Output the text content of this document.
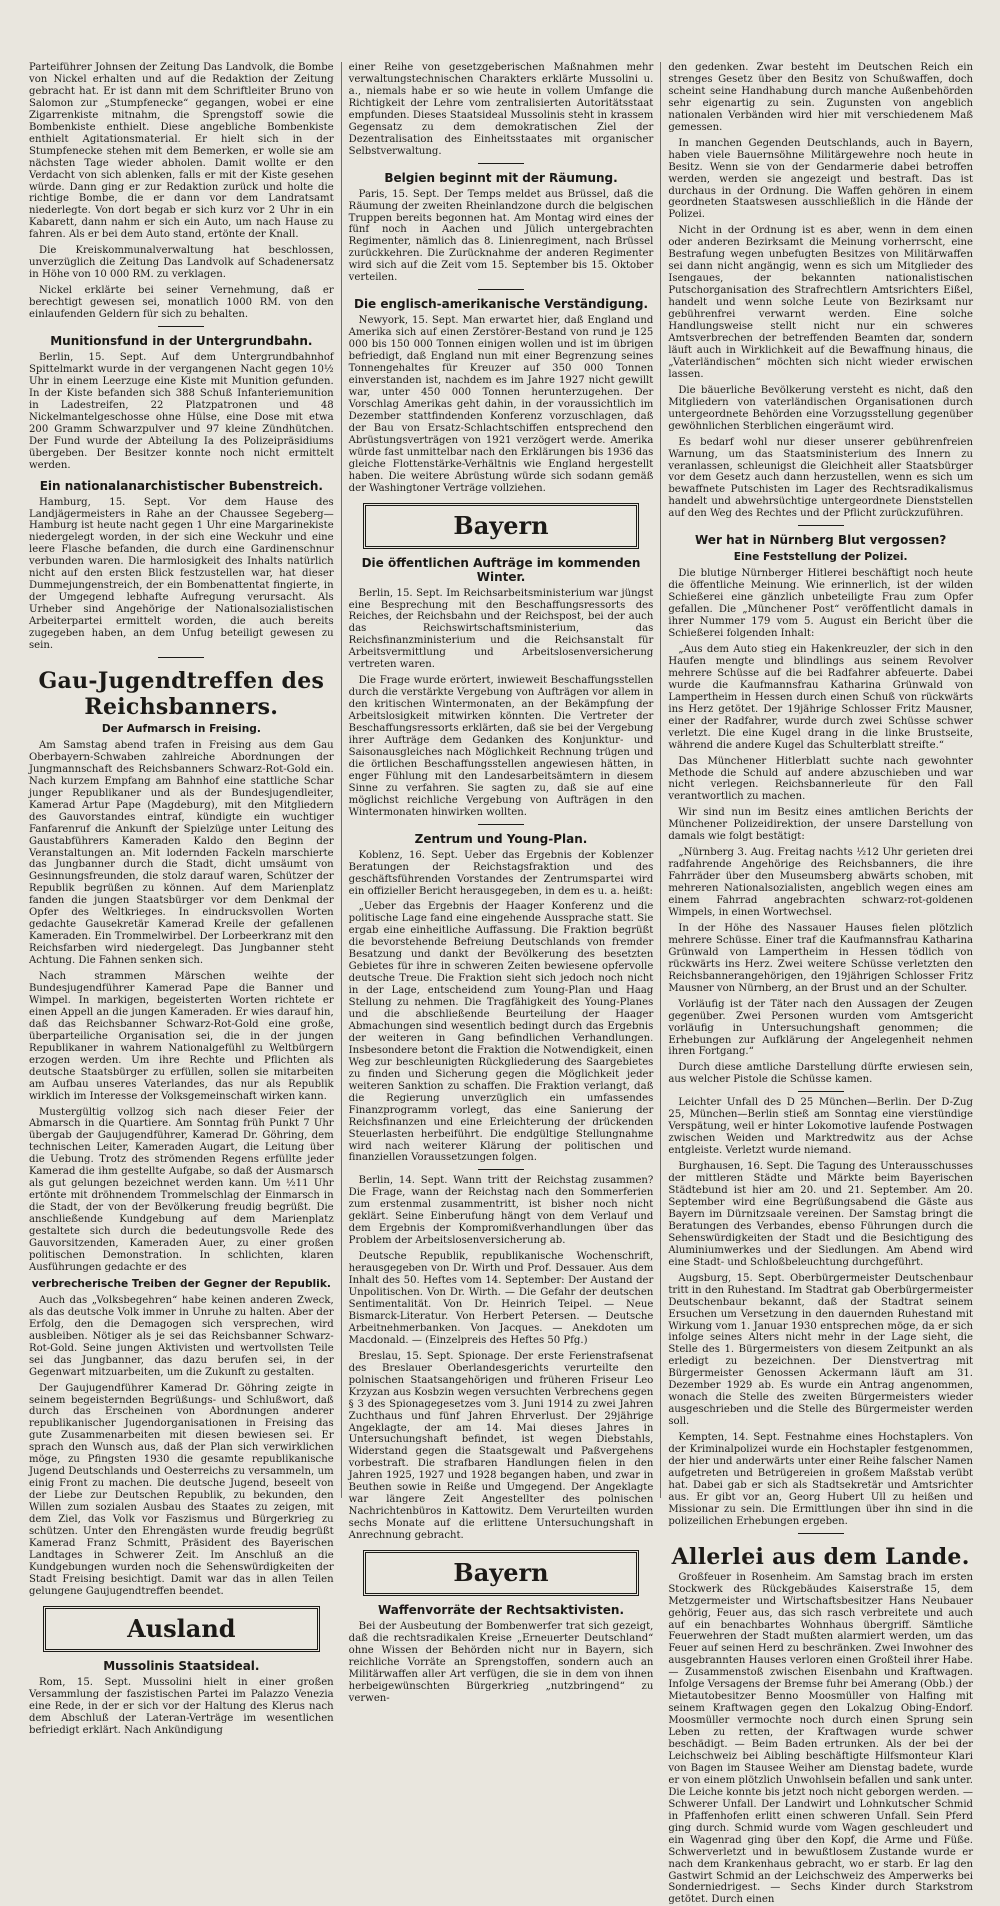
Parteiführer Johnsen der Zeitung Das Landvolk, die Bombe von Nickel erhalten und auf die Redaktion der Zeitung gebracht hat. Er ist dann mit dem Schriftleiter Bruno von Salomon zur „Stumpfenecke“ gegangen, wobei er eine Zigarrenkiste mitnahm, die Sprengstoff sowie die Bombenkiste enthielt. Diese angebliche Bombenkiste enthielt Agitationsmaterial. Er hielt sich in der Stumpfenecke stehen mit dem Bemerken, er wolle sie am nächsten Tage wieder abholen. Damit wollte er den Verdacht von sich ablenken, falls er mit der Kiste gesehen würde. Dann ging er zur Redaktion zurück und holte die richtige Bombe, die er dann vor dem Landratsamt niederlegte. Von dort begab er sich kurz vor 2 Uhr in ein Kabarett, dann nahm er sich ein Auto, um nach Hause zu fahren. Als er bei dem Auto stand, ertönte der Knall.

Die Kreiskommunalverwaltung hat beschlossen, unverzüglich die Zeitung Das Landvolk auf Schadenersatz in Höhe von 10 000 RM. zu verklagen.

Nickel erklärte bei seiner Vernehmung, daß er berechtigt gewesen sei, monatlich 1000 RM. von den einlaufenden Geldern für sich zu behalten.

Munitionsfund in der Untergrundbahn.

Berlin, 15. Sept. Auf dem Untergrundbahnhof Spittelmarkt wurde in der vergangenen Nacht gegen 10½ Uhr in einem Leerzuge eine Kiste mit Munition gefunden. In der Kiste befanden sich 388 Schuß Infanteriemunition in Ladestreifen, 22 Platzpatronen und 48 Nickelmantelgeschosse ohne Hülse, eine Dose mit etwa 200 Gramm Schwarzpulver und 97 kleine Zündhütchen. Der Fund wurde der Abteilung Ia des Polizeipräsidiums übergeben. Der Besitzer konnte noch nicht ermittelt werden.

Ein nationalanarchistischer Bubenstreich.

Hamburg, 15. Sept. Vor dem Hause des Landjägermeisters in Rahe an der Chaussee Segeberg—Hamburg ist heute nacht gegen 1 Uhr eine Margarinekiste niedergelegt worden, in der sich eine Weckuhr und eine leere Flasche befanden, die durch eine Gardinenschnur verbunden waren. Die harmlosigkeit des Inhalts natürlich nicht auf den ersten Blick festzustellen war, hat dieser Dummejungenstreich, der ein Bombenattentat fingierte, in der Umgegend lebhafte Aufregung verursacht. Als Urheber sind Angehörige der Nationalsozialistischen Arbeiterpartei ermittelt worden, die auch bereits zugegeben haben, an dem Unfug beteiligt gewesen zu sein.

Gau-Jugendtreffen des Reichsbanners.
Der Aufmarsch in Freising.

Am Samstag abend trafen in Freising aus dem Gau Oberbayern-Schwaben zahlreiche Abordnungen der Jungmannschaft des Reichsbanners Schwarz-Rot-Gold ein. Nach kurzem Empfang am Bahnhof eine stattliche Schar junger Republikaner und als der Bundesjugendleiter, Kamerad Artur Pape (Magdeburg), mit den Mitgliedern des Gauvorstandes eintraf, kündigte ein wuchtiger Fanfarenruf die Ankunft der Spielzüge unter Leitung des Gaustabführers Kameraden Kaldo den Beginn der Veranstaltungen an. Mit lodernden Fackeln marschierte das Jungbanner durch die Stadt, dicht umsäumt von Gesinnungsfreunden, die stolz darauf waren, Schützer der Republik begrüßen zu können. Auf dem Marienplatz fanden die jungen Staatsbürger vor dem Denkmal der Opfer des Weltkrieges. In eindrucksvollen Worten gedachte Gausekretär Kamerad Kreile der gefallenen Kameraden. Ein Trommelwirbel. Der Lorbeerkranz mit den Reichsfarben wird niedergelegt. Das Jungbanner steht Achtung. Die Fahnen senken sich.

Nach strammen Märschen weihte der Bundesjugendführer Kamerad Pape die Banner und Wimpel. In markigen, begeisterten Worten richtete er einen Appell an die jungen Kameraden. Er wies darauf hin, daß das Reichsbanner Schwarz-Rot-Gold eine große, überparteiliche Organisation sei, die in der jungen Republikaner in wahrem Nationalgefühl zu Weltbürgern erzogen werden. Um ihre Rechte und Pflichten als deutsche Staatsbürger zu erfüllen, sollen sie mitarbeiten am Aufbau unseres Vaterlandes, das nur als Republik wirklich im Interesse der Volksgemeinschaft wirken kann.

Mustergültig vollzog sich nach dieser Feier der Abmarsch in die Quartiere. Am Sonntag früh Punkt 7 Uhr übergab der Gaujugendführer, Kamerad Dr. Göhring, dem technischen Leiter, Kameraden Augart, die Leitung über die Uebung. Trotz des strömenden Regens erfüllte jeder Kamerad die ihm gestellte Aufgabe, so daß der Ausmarsch als gut gelungen bezeichnet werden kann. Um ½11 Uhr ertönte mit dröhnendem Trommelschlag der Einmarsch in die Stadt, der von der Bevölkerung freudig begrüßt. Die anschließende Kundgebung auf dem Marienplatz gestaltete sich durch die bedeutungsvolle Rede des Gauvorsitzenden, Kameraden Auer, zu einer großen politischen Demonstration. In schlichten, klaren Ausführungen gedachte er des

verbrecherische Treiben der Gegner der Republik.

Auch das „Volksbegehren“ habe keinen anderen Zweck, als das deutsche Volk immer in Unruhe zu halten. Aber der Erfolg, den die Demagogen sich versprechen, wird ausbleiben. Nötiger als je sei das Reichsbanner Schwarz-Rot-Gold. Seine jungen Aktivisten und wertvollsten Teile sei das Jungbanner, das dazu berufen sei, in der Gegenwart mitzuarbeiten, um die Zukunft zu gestalten.

Der Gaujugendführer Kamerad Dr. Göhring zeigte in seinem begeisternden Begrüßungs- und Schlußwort, daß durch das Erscheinen von Abordnungen anderer republikanischer Jugendorganisationen in Freising das gute Zusammenarbeiten mit diesen bewiesen sei. Er sprach den Wunsch aus, daß der Plan sich verwirklichen möge, zu Pfingsten 1930 die gesamte republikanische Jugend Deutschlands und Oesterreichs zu versammeln, um einig Front zu machen. Die deutsche Jugend, beseelt von der Liebe zur Deutschen Republik, zu bekunden, den Willen zum sozialen Ausbau des Staates zu zeigen, mit dem Ziel, das Volk vor Faszismus und Bürgerkrieg zu schützen. Unter den Ehrengästen wurde freudig begrüßt Kamerad Franz Schmitt, Präsident des Bayerischen Landtages in Schwerer Zeit. Im Anschluß an die Kundgebungen wurden noch die Sehenswürdigkeiten der Stadt Freising besichtigt. Damit war das in allen Teilen gelungene Gaujugendtreffen beendet.

Ausland
Mussolinis Staatsideal.

Rom, 15. Sept. Mussolini hielt in einer großen Versammlung der faszistischen Partei im Palazzo Venezia eine Rede, in der er sich vor der Haltung des Klerus nach dem Abschluß der Lateran-Verträge im wesentlichen befriedigt erklärt. Nach Ankündigung

einer Reihe von gesetzgeberischen Maßnahmen mehr verwaltungstechnischen Charakters erklärte Mussolini u. a., niemals habe er so wie heute in vollem Umfange die Richtigkeit der Lehre vom zentralisierten Autoritätsstaat empfunden. Dieses Staatsideal Mussolinis steht in krassem Gegensatz zu dem demokratischen Ziel der Dezentralisation des Einheitsstaates mit organischer Selbstverwaltung.

Belgien beginnt mit der Räumung.

Paris, 15. Sept. Der Temps meldet aus Brüssel, daß die Räumung der zweiten Rheinlandzone durch die belgischen Truppen bereits begonnen hat. Am Montag wird eines der fünf noch in Aachen und Jülich untergebrachten Regimenter, nämlich das 8. Linienregiment, nach Brüssel zurückkehren. Die Zurücknahme der anderen Regimenter wird sich auf die Zeit vom 15. September bis 15. Oktober verteilen.

Die englisch-amerikanische Verständigung.

Newyork, 15. Sept. Man erwartet hier, daß England und Amerika sich auf einen Zerstörer-Bestand von rund je 125 000 bis 150 000 Tonnen einigen wollen und ist im übrigen befriedigt, daß England nun mit einer Begrenzung seines Tonnengehaltes für Kreuzer auf 350 000 Tonnen einverstanden ist, nachdem es im Jahre 1927 nicht gewillt war, unter 450 000 Tonnen herunterzugehen. Der Vorschlag Amerikas geht dahin, in der voraussichtlich im Dezember stattfindenden Konferenz vorzuschlagen, daß der Bau von Ersatz-Schlachtschiffen entsprechend den Abrüstungsverträgen von 1921 verzögert werde. Amerika würde fast unmittelbar nach den Erklärungen bis 1936 das gleiche Flottenstärke-Verhältnis wie England hergestellt haben. Die weitere Abrüstung würde sich sodann gemäß der Washingtoner Verträge vollziehen.

Bayern
Die öffentlichen Aufträge im kommenden Winter.

Berlin, 15. Sept. Im Reichsarbeitsministerium war jüngst eine Besprechung mit den Beschaffungsressorts des Reiches, der Reichsbahn und der Reichspost, bei der auch das Reichswirtschaftsministerium, das Reichsfinanzministerium und die Reichsanstalt für Arbeitsvermittlung und Arbeitslosenversicherung vertreten waren.

Die Frage wurde erörtert, inwieweit Beschaffungsstellen durch die verstärkte Vergebung von Aufträgen vor allem in den kritischen Wintermonaten, an der Bekämpfung der Arbeitslosigkeit mitwirken könnten. Die Vertreter der Beschaffungsressorts erklärten, daß sie bei der Vergebung ihrer Aufträge dem Gedanken des Konjunktur- und Saisonausgleiches nach Möglichkeit Rechnung trügen und die örtlichen Beschaffungsstellen angewiesen hätten, in enger Fühlung mit den Landesarbeitsämtern in diesem Sinne zu verfahren. Sie sagten zu, daß sie auf eine möglichst reichliche Vergebung von Aufträgen in den Wintermonaten hinwirken wollten.

Zentrum und Young-Plan.

Koblenz, 16. Sept. Ueber das Ergebnis der Koblenzer Beratungen der Reichstagsfraktion und des geschäftsführenden Vorstandes der Zentrumspartei wird ein offizieller Bericht herausgegeben, in dem es u. a. heißt:

„Ueber das Ergebnis der Haager Konferenz und die politische Lage fand eine eingehende Aussprache statt. Sie ergab eine einheitliche Auffassung. Die Fraktion begrüßt die bevorstehende Befreiung Deutschlands von fremder Besatzung und dankt der Bevölkerung des besetzten Gebietes für ihre in schweren Zeiten bewiesene opfervolle deutsche Treue. Die Fraktion sieht sich jedoch noch nicht in der Lage, entscheidend zum Young-Plan und Haag Stellung zu nehmen. Die Tragfähigkeit des Young-Planes und die abschließende Beurteilung der Haager Abmachungen sind wesentlich bedingt durch das Ergebnis der weiteren in Gang befindlichen Verhandlungen. Insbesondere betont die Fraktion die Notwendigkeit, einen Weg zur beschleunigten Rückgliederung des Saargebietes zu finden und Sicherung gegen die Möglichkeit jeder weiteren Sanktion zu schaffen. Die Fraktion verlangt, daß die Regierung unverzüglich ein umfassendes Finanzprogramm vorlegt, das eine Sanierung der Reichsfinanzen und eine Erleichterung der drückenden Steuerlasten herbeiführt. Die endgültige Stellungnahme wird nach weiterer Klärung der politischen und finanziellen Voraussetzungen folgen.

Berlin, 14. Sept. Wann tritt der Reichstag zusammen? Die Frage, wann der Reichstag nach den Sommerferien zum erstenmal zusammentritt, ist bisher noch nicht geklärt. Seine Einberufung hängt von dem Verlauf und dem Ergebnis der Kompromißverhandlungen über das Problem der Arbeitslosenversicherung ab.

Deutsche Republik, republikanische Wochenschrift, herausgegeben von Dr. Wirth und Prof. Dessauer. Aus dem Inhalt des 50. Heftes vom 14. September: Der Austand der Unpolitischen. Von Dr. Wirth. — Die Gefahr der deutschen Sentimentalität. Von Dr. Heinrich Teipel. — Neue Bismarck-Literatur. Von Herbert Petersen. — Deutsche Arbeitnehmerbanken. Von Jacques. — Anekdoten um Macdonald. — (Einzelpreis des Heftes 50 Pfg.)

Breslau, 15. Sept. Spionage. Der erste Ferienstrafsenat des Breslauer Oberlandesgerichts verurteilte den polnischen Staatsangehörigen und früheren Friseur Leo Krzyzan aus Kosbzin wegen versuchten Verbrechens gegen § 3 des Spionagegesetzes vom 3. Juni 1914 zu zwei Jahren Zuchthaus und fünf Jahren Ehrverlust. Der 29jährige Angeklagte, der am 14. Mai dieses Jahres in Untersuchungshaft befindet, ist wegen Diebstahls, Widerstand gegen die Staatsgewalt und Paßvergehens vorbestraft. Die strafbaren Handlungen fielen in den Jahren 1925, 1927 und 1928 begangen haben, und zwar in Beuthen sowie in Reiße und Umgegend. Der Angeklagte war längere Zeit Angestellter des polnischen Nachrichtenbüros in Kattowitz. Dem Verurteilten wurden sechs Monate auf die erlittene Untersuchungshaft in Anrechnung gebracht.

Bayern
Waffenvorräte der Rechtsaktivisten.

Bei der Ausbeutung der Bombenwerfer trat sich gezeigt, daß die rechtsradikalen Kreise „Erneuerter Deutschland“ ohne Wissen der Behörden nicht nur in Bayern, sich reichliche Vorräte an Sprengstoffen, sondern auch an Militärwaffen aller Art verfügen, die sie in dem von ihnen herbeigewünschten Bürgerkrieg „nutzbringend“ zu verwen-

den gedenken. Zwar besteht im Deutschen Reich ein strenges Gesetz über den Besitz von Schußwaffen, doch scheint seine Handhabung durch manche Außenbehörden sehr eigenartig zu sein. Zugunsten von angeblich nationalen Verbänden wird hier mit verschiedenem Maß gemessen.

In manchen Gegenden Deutschlands, auch in Bayern, haben viele Bauernsöhne Militärgewehre noch heute in Besitz. Wenn sie von der Gendarmerie dabei betroffen werden, werden sie angezeigt und bestraft. Das ist durchaus in der Ordnung. Die Waffen gehören in einem geordneten Staatswesen ausschließlich in die Hände der Polizei.

Nicht in der Ordnung ist es aber, wenn in dem einen oder anderen Bezirksamt die Meinung vorherrscht, eine Bestrafung wegen unbefugten Besitzes von Militärwaffen sei dann nicht angängig, wenn es sich um Mitglieder des Isengaues, der bekannten nationalistischen Putschorganisation des Strafrechtlern Amtsrichters Eißel, handelt und wenn solche Leute von Bezirksamt nur gebührenfrei verwarnt werden. Eine solche Handlungsweise stellt nicht nur ein schweres Amtsverbrechen der betreffenden Beamten dar, sondern läuft auch in Wirklichkeit auf die Bewaffnung hinaus, die „Vaterländischen“ möchten sich nicht wieder erwischen lassen.

Die bäuerliche Bevölkerung versteht es nicht, daß den Mitgliedern von vaterländischen Organisationen durch untergeordnete Behörden eine Vorzugsstellung gegenüber gewöhnlichen Sterblichen eingeräumt wird.

Es bedarf wohl nur dieser unserer gebührenfreien Warnung, um das Staatsministerium des Innern zu veranlassen, schleunigst die Gleichheit aller Staatsbürger vor dem Gesetz auch dann herzustellen, wenn es sich um bewaffnete Putschisten im Lager des Rechtsradikalismus handelt und abwehrsüchtige untergeordnete Dienststellen auf den Weg des Rechtes und der Pflicht zurückzuführen.

Wer hat in Nürnberg Blut vergossen?
Eine Feststellung der Polizei.

Die blutige Nürnberger Hitlerei beschäftigt noch heute die öffentliche Meinung. Wie erinnerlich, ist der wilden Schießerei eine gänzlich unbeteiligte Frau zum Opfer gefallen. Die „Münchener Post“ veröffentlicht damals in ihrer Nummer 179 vom 5. August ein Bericht über die Schießerei folgenden Inhalt:

„Aus dem Auto stieg ein Hakenkreuzler, der sich in den Haufen mengte und blindlings aus seinem Revolver mehrere Schüsse auf die bei Radfahrer abfeuerte. Dabei wurde die Kaufmannsfrau Katharina Grünwald von Lampertheim in Hessen durch einen Schuß von rückwärts ins Herz getötet. Der 19jährige Schlosser Fritz Mausner, einer der Radfahrer, wurde durch zwei Schüsse schwer verletzt. Die eine Kugel drang in die linke Brustseite, während die andere Kugel das Schulterblatt streifte.“

Das Münchener Hitlerblatt suchte nach gewohnter Methode die Schuld auf andere abzuschieben und war nicht verlegen. Reichsbannerleute für den Fall verantwortlich zu machen.

Wir sind nun im Besitz eines amtlichen Berichts der Münchener Polizeidirektion, der unsere Darstellung von damals wie folgt bestätigt:

„Nürnberg 3. Aug. Freitag nachts ½12 Uhr gerieten drei radfahrende Angehörige des Reichsbanners, die ihre Fahrräder über den Museumsberg abwärts schoben, mit mehreren Nationalsozialisten, angeblich wegen eines am einem Fahrrad angebrachten schwarz-rot-goldenen Wimpels, in einen Wortwechsel.

In der Höhe des Nassauer Hauses fielen plötzlich mehrere Schüsse. Einer traf die Kaufmannsfrau Katharina Grünwald von Lampertheim in Hessen tödlich von rückwärts ins Herz. Zwei weitere Schüsse verletzten den Reichsbannerangehörigen, den 19jährigen Schlosser Fritz Mausner von Nürnberg, an der Brust und an der Schulter.

Vorläufig ist der Täter nach den Aussagen der Zeugen gegenüber. Zwei Personen wurden vom Amtsgericht vorläufig in Untersuchungshaft genommen; die Erhebungen zur Aufklärung der Angelegenheit nehmen ihren Fortgang.“

Durch diese amtliche Darstellung dürfte erwiesen sein, aus welcher Pistole die Schüsse kamen.

Leichter Unfall des D 25 München—Berlin. Der D-Zug 25, München—Berlin stieß am Sonntag eine vierstündige Verspätung, weil er hinter Lokomotive laufende Postwagen zwischen Weiden und Marktredwitz aus der Achse entgleiste. Verletzt wurde niemand.

Burghausen, 16. Sept. Die Tagung des Unterausschusses der mittleren Städte und Märkte beim Bayerischen Städtebund ist hier am 20. und 21. September. Am 20. September wird eine Begrüßungsabend die Gäste aus Bayern im Dürnitzsaale vereinen. Der Samstag bringt die Beratungen des Verbandes, ebenso Führungen durch die Sehenswürdigkeiten der Stadt und die Besichtigung des Aluminiumwerkes und der Siedlungen. Am Abend wird eine Stadt- und Schloßbeleuchtung durchgeführt.

Augsburg, 15. Sept. Oberbürgermeister Deutschenbaur tritt in den Ruhestand. Im Stadtrat gab Oberbürgermeister Deutschenbaur bekannt, daß der Stadtrat seinem Ersuchen um Versetzung in den dauernden Ruhestand mit Wirkung vom 1. Januar 1930 entsprechen möge, da er sich infolge seines Alters nicht mehr in der Lage sieht, die Stelle des 1. Bürgermeisters von diesem Zeitpunkt an als erledigt zu bezeichnen. Der Dienstvertrag mit Bürgermeister Genossen Ackermann läuft am 31. Dezember 1929 ab. Es wurde ein Antrag angenommen, wonach die Stelle des zweiten Bürgermeisters wieder ausgeschrieben und die Stelle des Bürgermeister werden soll.

Kempten, 14. Sept. Festnahme eines Hochstaplers. Von der Kriminalpolizei wurde ein Hochstapler festgenommen, der hier und anderwärts unter einer Reihe falscher Namen aufgetreten und Betrügereien in großem Maßstab verübt hat. Dabei gab er sich als Stadtsekretär und Amtsrichter aus. Er gibt vor an, Georg Hubert Ull zu heißen und Missionar zu sein. Die Ermittlungen über ihn sind in die polizeilichen Erhebungen ergeben.

Allerlei aus dem Lande.

Großfeuer in Rosenheim. Am Samstag brach im ersten Stockwerk des Rückgebäudes Kaiserstraße 15, dem Metzgermeister und Wirtschaftsbesitzer Hans Neubauer gehörig, Feuer aus, das sich rasch verbreitete und auch auf ein benachbartes Wohnhaus übergriff. Sämtliche Feuerwehren der Stadt mußten alarmiert werden, um das Feuer auf seinen Herd zu beschränken. Zwei Inwohner des ausgebrannten Hauses verloren einen Großteil ihrer Habe. — Zusammenstoß zwischen Eisenbahn und Kraftwagen. Infolge Versagens der Bremse fuhr bei Amerang (Obb.) der Mietautobesitzer Benno Moosmüller von Halfing mit seinem Kraftwagen gegen den Lokalzug Obing-Endorf. Moosmüller vermochte noch durch einen Sprung sein Leben zu retten, der Kraftwagen wurde schwer beschädigt. — Beim Baden ertrunken. Als der bei der Leichschweiz bei Aibling beschäftigte Hilfsmonteur Klari von Bagen im Stausee Weiher am Dienstag badete, wurde er von einem plötzlich Unwohlsein befallen und sank unter. Die Leiche konnte bis jetzt noch nicht geborgen werden. — Schwerer Unfall. Der Landwirt und Lohnkutscher Schmid in Pfaffenhofen erlitt einen schweren Unfall. Sein Pferd ging durch. Schmid wurde vom Wagen geschleudert und ein Wagenrad ging über den Kopf, die Arme und Füße. Schwerverletzt und in bewußtlosem Zustande wurde er nach dem Krankenhaus gebracht, wo er starb. Er lag den Gastwirt Schmid an der Leichschweiz des Amperwerks bei Sonderniedrigest. — Sechs Kinder durch Starkstrom getötet. Durch einen
